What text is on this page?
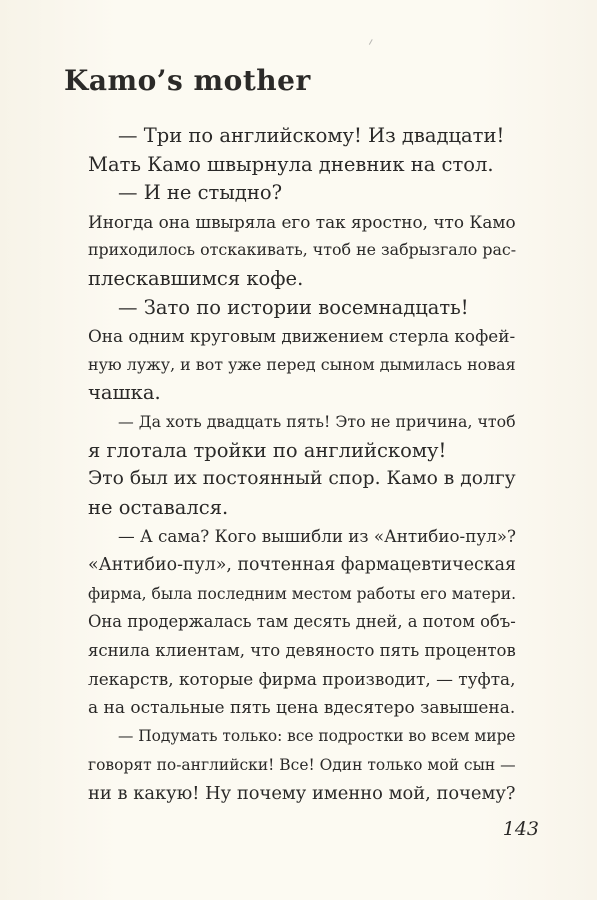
Kamo’s mother
— Три по английскому! Из двадцати!
Мать Камо швырнула дневник на стол.
— И не стыдно?
Иногда она швыряла его так яростно, что Камо
приходилось отскакивать, чтоб не забрызгало рас-
плескавшимся кофе.
— Зато по истории восемнадцать!
Она одним круговым движением стерла кофей-
ную лужу, и вот уже перед сыном дымилась новая
чашка.
— Да хоть двадцать пять! Это не причина, чтоб
я глотала тройки по английскому!
Это был их постоянный спор. Камо в долгу
не оставался.
— А сама? Кого вышибли из «Антибио-пул»?
«Антибио-пул», почтенная фармацевтическая
фирма, была последним местом работы его матери.
Она продержалась там десять дней, а потом объ-
яснила клиентам, что девяносто пять процентов
лекарств, которые фирма производит, — туфта,
а на остальные пять цена вдесятеро завышена.
— Подумать только: все подростки во всем мире
говорят по-английски! Все! Один только мой сын —
ни в какую! Ну почему именно мой, почему?
143
